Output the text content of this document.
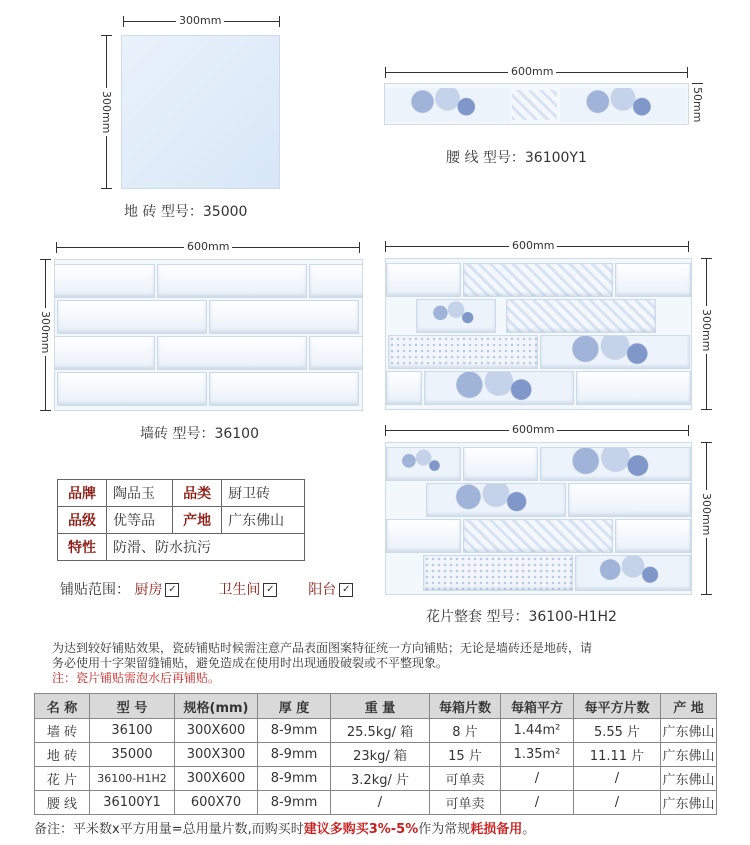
300mm
300mm
地 砖 型号：35000
600mm
50mm
腰 线 型号：36100Y1
600mm
300mm
墙砖 型号：36100
600mm
300mm
600mm
300mm
花片整套 型号：36100-H1H2
品牌	陶品玉	品类	厨卫砖
品级	优等品	产地	广东佛山
特性	防滑、防水抗污		
铺贴范围： 厨房 ✓	卫生间 ✓ 阳台 ✓
为达到较好铺贴效果，瓷砖铺贴时候需注意产品表面图案特征统一方向铺贴；无论是墙砖还是地砖，请
务必使用十字架留缝铺贴，避免造成在使用时出现通股破裂或不平整现象。
注：瓷片铺贴需泡水后再铺贴。
名 称	型 号	规格(mm)	厚 度	重 量	每箱片数	每箱平方	每平方片数	产 地
墙 砖	36100	300X600	8-9mm	25.5kg/ 箱	8 片	1.44m²	5.55 片	广东佛山
地 砖	35000	300X300	8-9mm	23kg/ 箱	15 片	1.35m²	11.11 片	广东佛山
花 片	36100-H1H2	300X600	8-9mm	3.2kg/ 片	可单卖	/	/	广东佛山
腰 线	36100Y1	600X70	8-9mm	/	可单卖	/	/	广东佛山
备注：平米数x平方用量=总用量片数,而购买时建议多购买3%-5%作为常规耗损备用。
